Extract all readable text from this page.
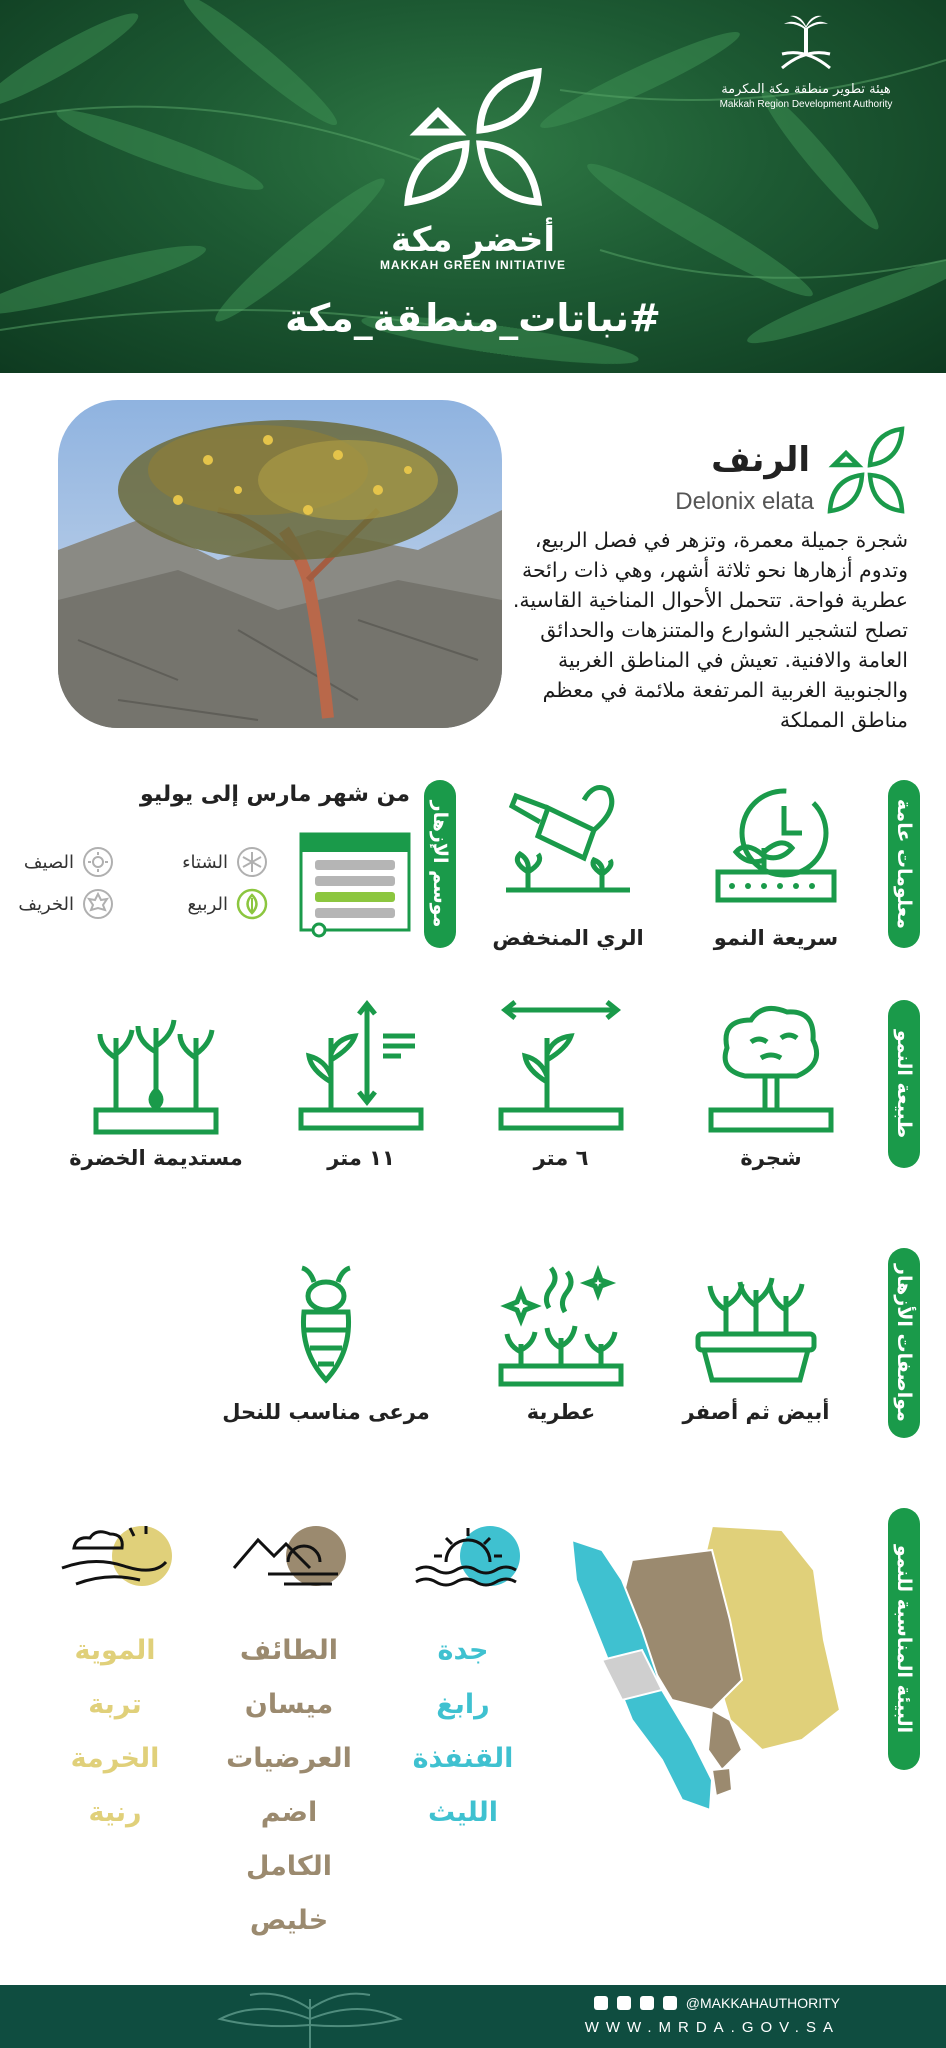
هيئة تطوير منطقة مكة المكرمة
Makkah Region Development Authority
أخضر مكة
MAKKAH GREEN INITIATIVE
#نباتات_منطقة_مكة
الرنف
Delonix elata
شجرة جميلة معمرة، وتزهر في فصل الربيع، وتدوم أزهارها نحو ثلاثة أشهر، وهي ذات رائحة عطرية فواحة. تتحمل الأحوال المناخية القاسية. تصلح لتشجير الشوارع والمتنزهات والحدائق العامة والافنية. تعيش في المناطق الغربية والجنوبية الغربية المرتفعة ملائمة في معظم مناطق المملكة
معلومات عامة
سريعة النمو
الري المنخفض
موسم الإزهار
من شهر مارس إلى يوليو
الشتاء
الصيف
الربيع
الخريف
طبيعة النمو
شجرة
٦ متر
١١ متر
مستديمة الخضرة
مواصفات الأزهار
أبيض ثم أصفر
عطرية
مرعى مناسب للنحل
البيئة المناسبة للنمو
جدة
رابغ
القنفذة
الليث
الطائف
ميسان
العرضيات
اضم
الكامل
خليص
الموية
تربة
الخرمة
رنية
@MAKKAHAUTHORITY
WWW.MRDA.GOV.SA
